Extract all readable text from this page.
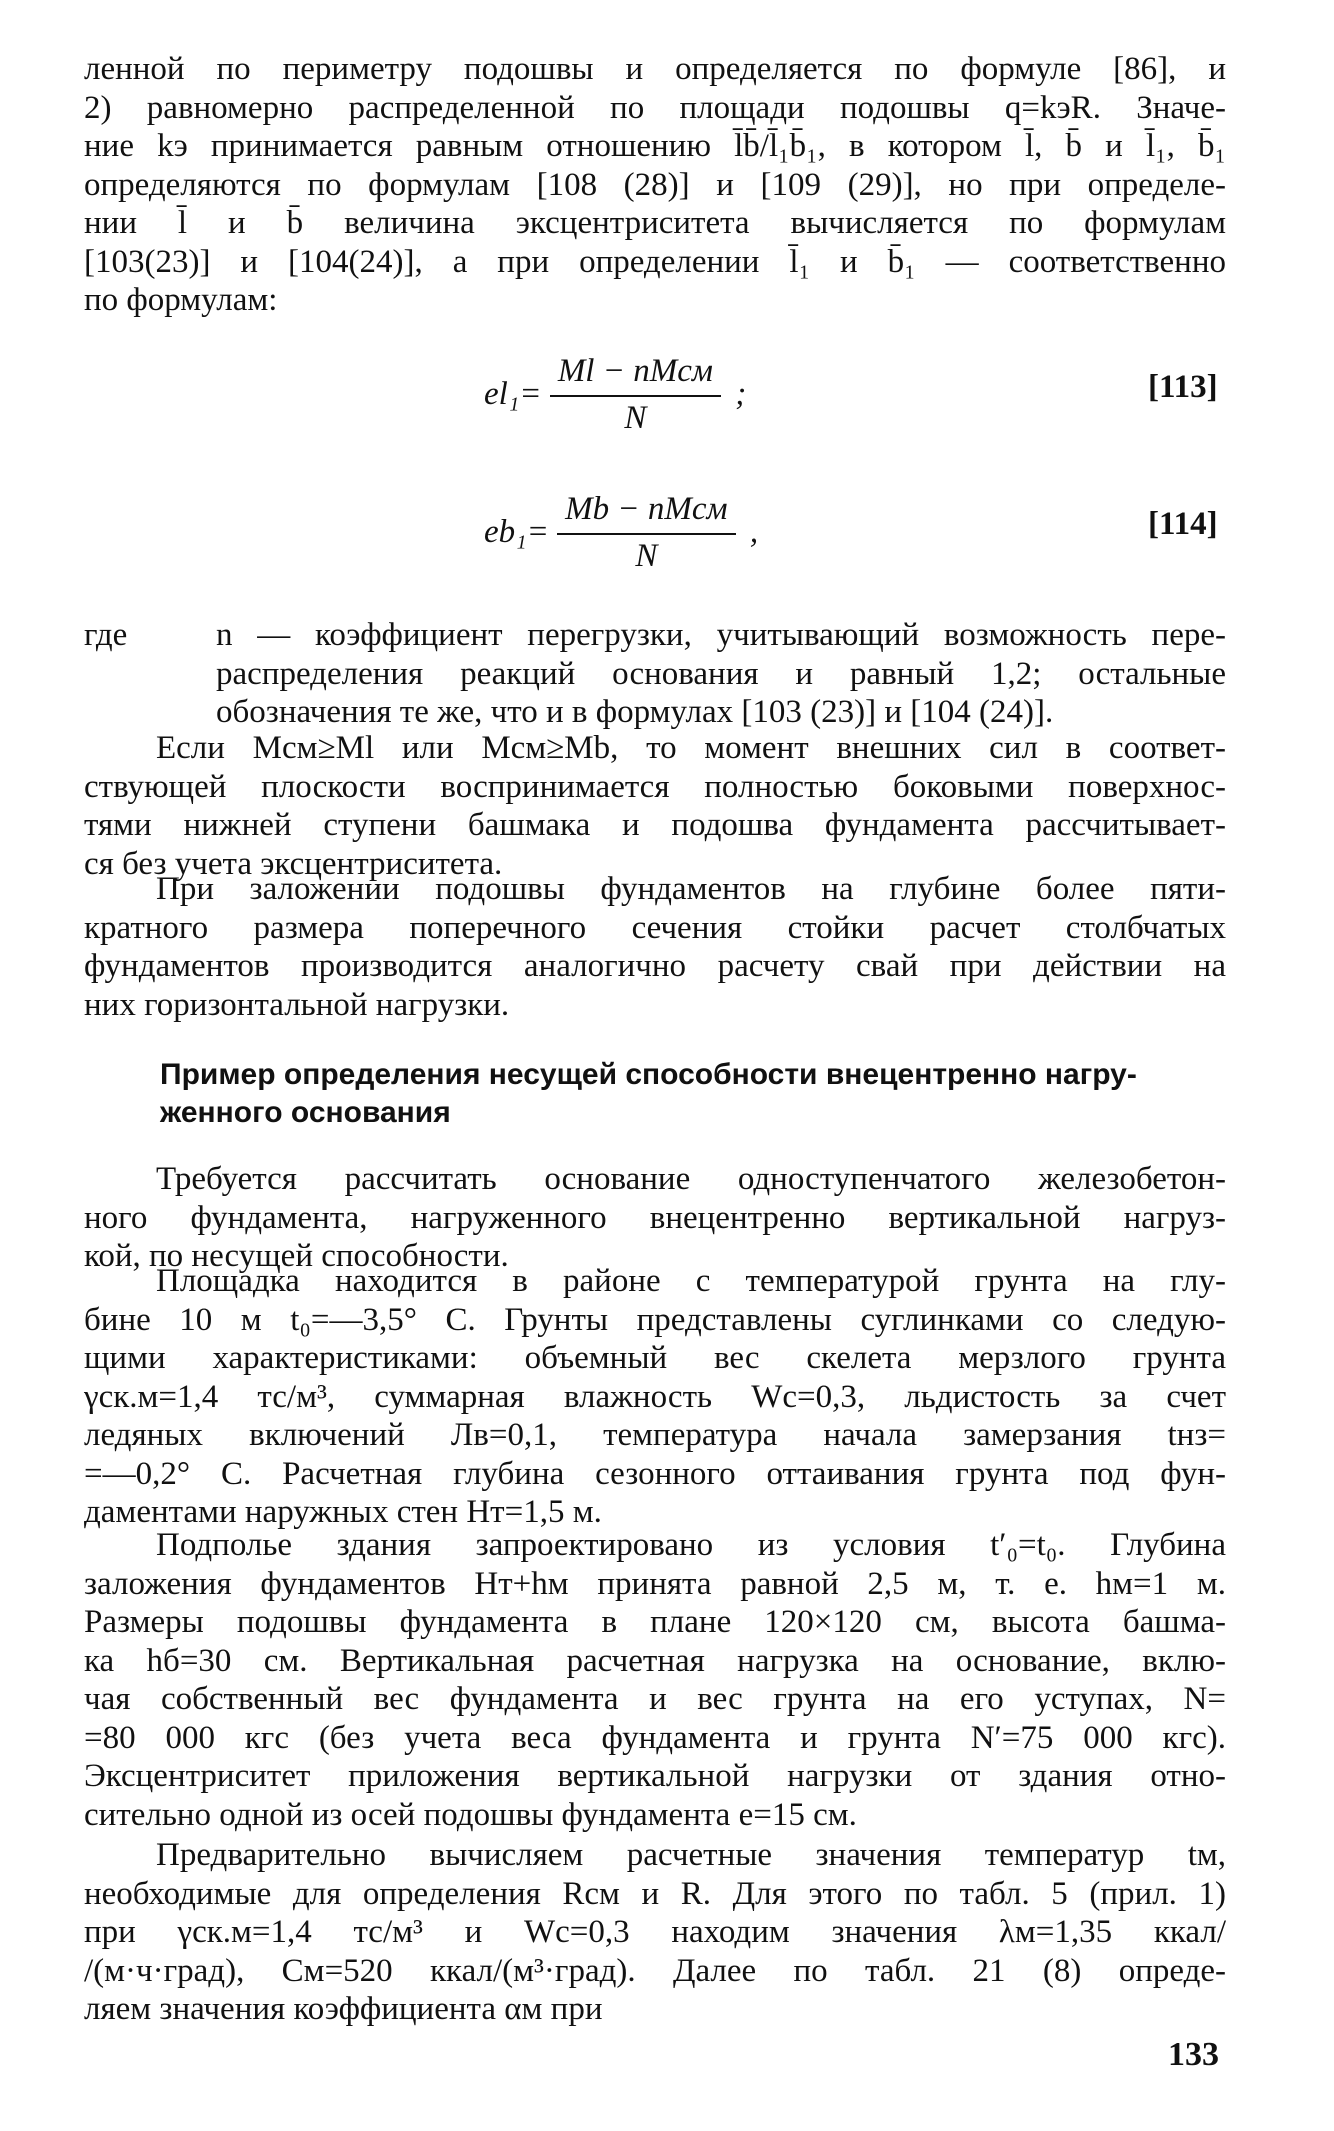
ленной по периметру подошвы и определяется по формуле [86], и
2) равномерно распределенной по площади подошвы q=kэR. Значе-
ние kэ принимается равным отношению l̄b̄/l̄₁b̄₁, в котором l̄, b̄ и l̄₁, b̄₁
определяются по формулам [108 (28)] и [109 (29)], но при определе-
нии l̄ и b̄ величина эксцентриситета вычисляется по формулам
[103(23)] и [104(24)], а при определении l̄₁ и b̄₁ — соответственно
по формулам:
$el_1= \frac{\text{Ml − nMсм}}{N}$ ;	[113]
$eb_1= \frac{\text{Mb − nMсм}}{N}$ ,	[114]
где	n — коэффициент перегрузки, учитывающий возможность пере-
распределения реакций основания и равный 1,2; остальные
обозначения те же, что и в формулах [103 (23)] и [104 (24)].
Если Mсм≥Ml или Mсм≥Mb, то момент внешних сил в соответ-
ствующей плоскости воспринимается полностью боковыми поверхнос-
тями нижней ступени башмака и подошва фундамента рассчитывает-
ся без учета эксцентриситета.
При заложении подошвы фундаментов на глубине более пяти-
кратного размера поперечного сечения стойки расчет столбчатых
фундаментов производится аналогично расчету свай при действии на
них горизонтальной нагрузки.
Пример определения несущей способности внецентренно нагру-
женного основания
Требуется рассчитать основание одноступенчатого железобетон-
ного фундамента, нагруженного внецентренно вертикальной нагруз-
кой, по несущей способности.
Площадка находится в районе с температурой грунта на глу-
бине 10 м t₀=—3,5° С. Грунты представлены суглинками со следую-
щими характеристиками: объемный вес скелета мерзлого грунта
γск.м=1,4 тс/м³, суммарная влажность Wс=0,3, льдистость за счет
ледяных включений Лв=0,1, температура начала замерзания tнз=
=—0,2° С. Расчетная глубина сезонного оттаивания грунта под фун-
даментами наружных стен Hт=1,5 м.
Подполье здания запроектировано из условия t′₀=t₀. Глубина
заложения фундаментов Hт+hм принята равной 2,5 м, т. е. hм=1 м.
Размеры подошвы фундамента в плане 120×120 см, высота башма-
ка hб=30 см. Вертикальная расчетная нагрузка на основание, вклю-
чая собственный вес фундамента и вес грунта на его уступах, N=
=80 000 кгс (без учета веса фундамента и грунта N′=75 000 кгс).
Эксцентриситет приложения вертикальной нагрузки от здания отно-
сительно одной из осей подошвы фундамента e=15 см.
Предварительно вычисляем расчетные значения температур tм,
необходимые для определения Rсм и R. Для этого по табл. 5 (прил. 1)
при γск.м=1,4 тс/м³ и Wс=0,3 находим значения λм=1,35 ккал/
/(м·ч·град), Cм=520 ккал/(м³·град). Далее по табл. 21 (8) опреде-
ляем значения коэффициента αм при
133
